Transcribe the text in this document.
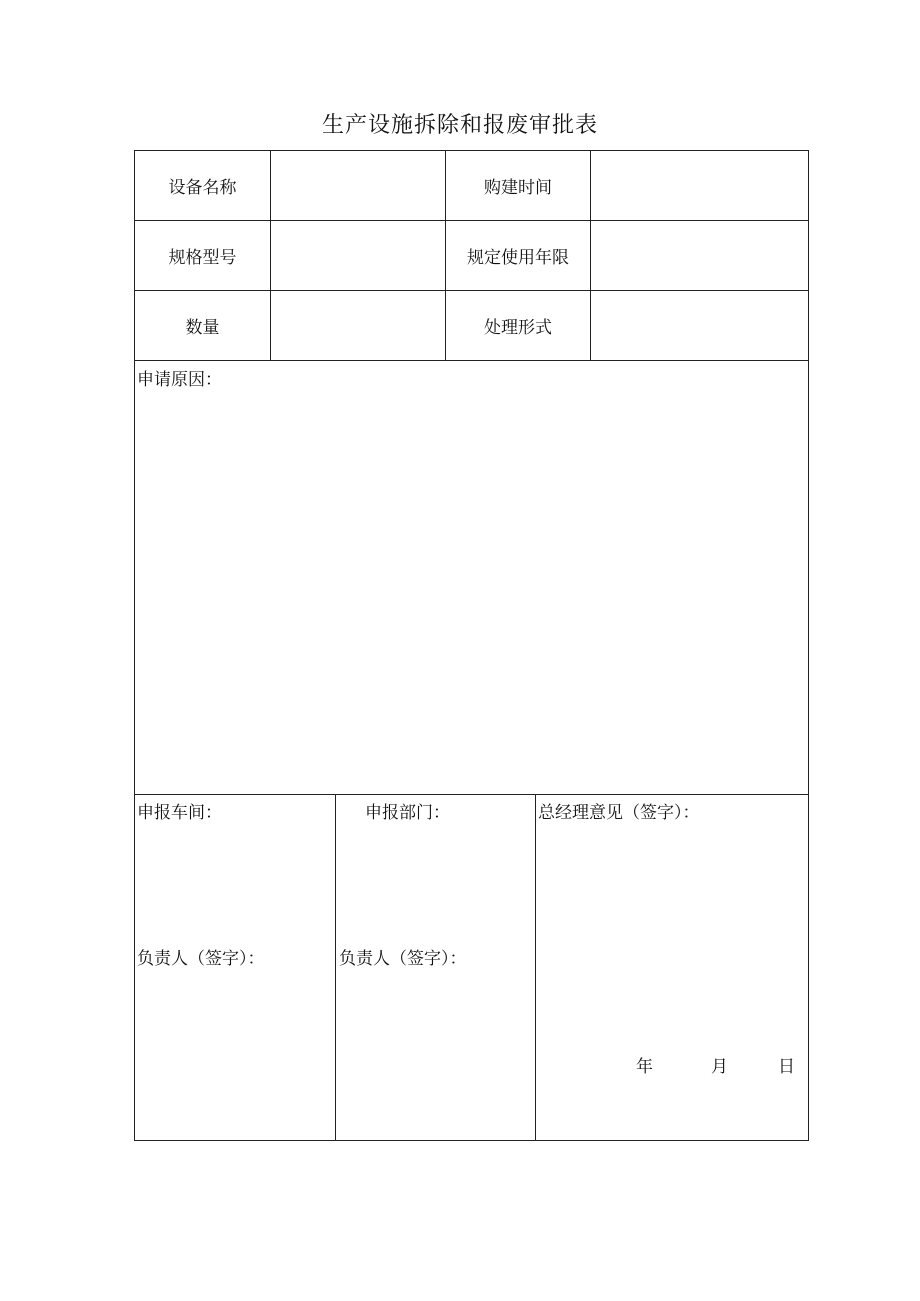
生产设施拆除和报废审批表
设备名称	购建时间
规格型号	规定使用年限
数量	处理形式
申请原因：
申报车间：
负责人（签字）：
申报部门：
负责人（签字）：
总经理意见（签字）：
年	月	日
